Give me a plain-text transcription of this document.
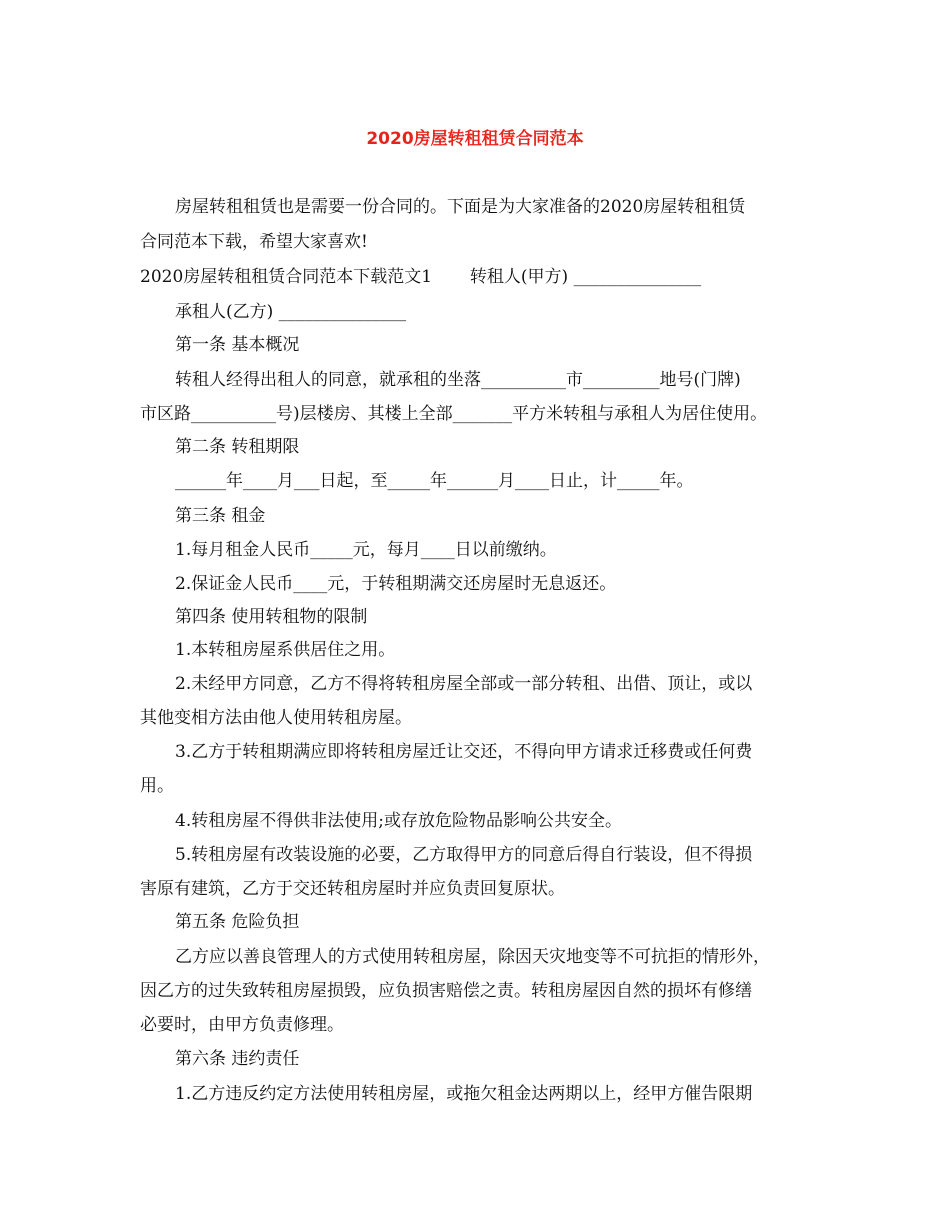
2020房屋转租租赁合同范本

房屋转租租赁也是需要一份合同的。下面是为大家准备的2020房屋转租租赁

合同范本下载，希望大家喜欢!

2020房屋转租租赁合同范本下载范文1       转租人(甲方) _______________

承租人(乙方) _______________

第一条 基本概况

转租人经得出租人的同意，就承租的坐落__________市_________地号(门牌)

市区路__________号)层楼房、其楼上全部_______平方米转租与承租人为居住使用。

第二条 转租期限

______年____月___日起，至_____年______月____日止，计_____年。

第三条 租金

1.每月租金人民币_____元，每月____日以前缴纳。

2.保证金人民币____元，于转租期满交还房屋时无息返还。

第四条 使用转租物的限制

1.本转租房屋系供居住之用。

2.未经甲方同意，乙方不得将转租房屋全部或一部分转租、出借、顶让，或以

其他变相方法由他人使用转租房屋。

3.乙方于转租期满应即将转租房屋迁让交还，不得向甲方请求迁移费或任何费

用。

4.转租房屋不得供非法使用;或存放危险物品影响公共安全。

5.转租房屋有改装设施的必要，乙方取得甲方的同意后得自行装设，但不得损

害原有建筑，乙方于交还转租房屋时并应负责回复原状。

第五条 危险负担

乙方应以善良管理人的方式使用转租房屋，除因天灾地变等不可抗拒的情形外，

因乙方的过失致转租房屋损毁，应负损害赔偿之责。转租房屋因自然的损坏有修缮

必要时，由甲方负责修理。

第六条 违约责任

1.乙方违反约定方法使用转租房屋，或拖欠租金达两期以上，经甲方催告限期
